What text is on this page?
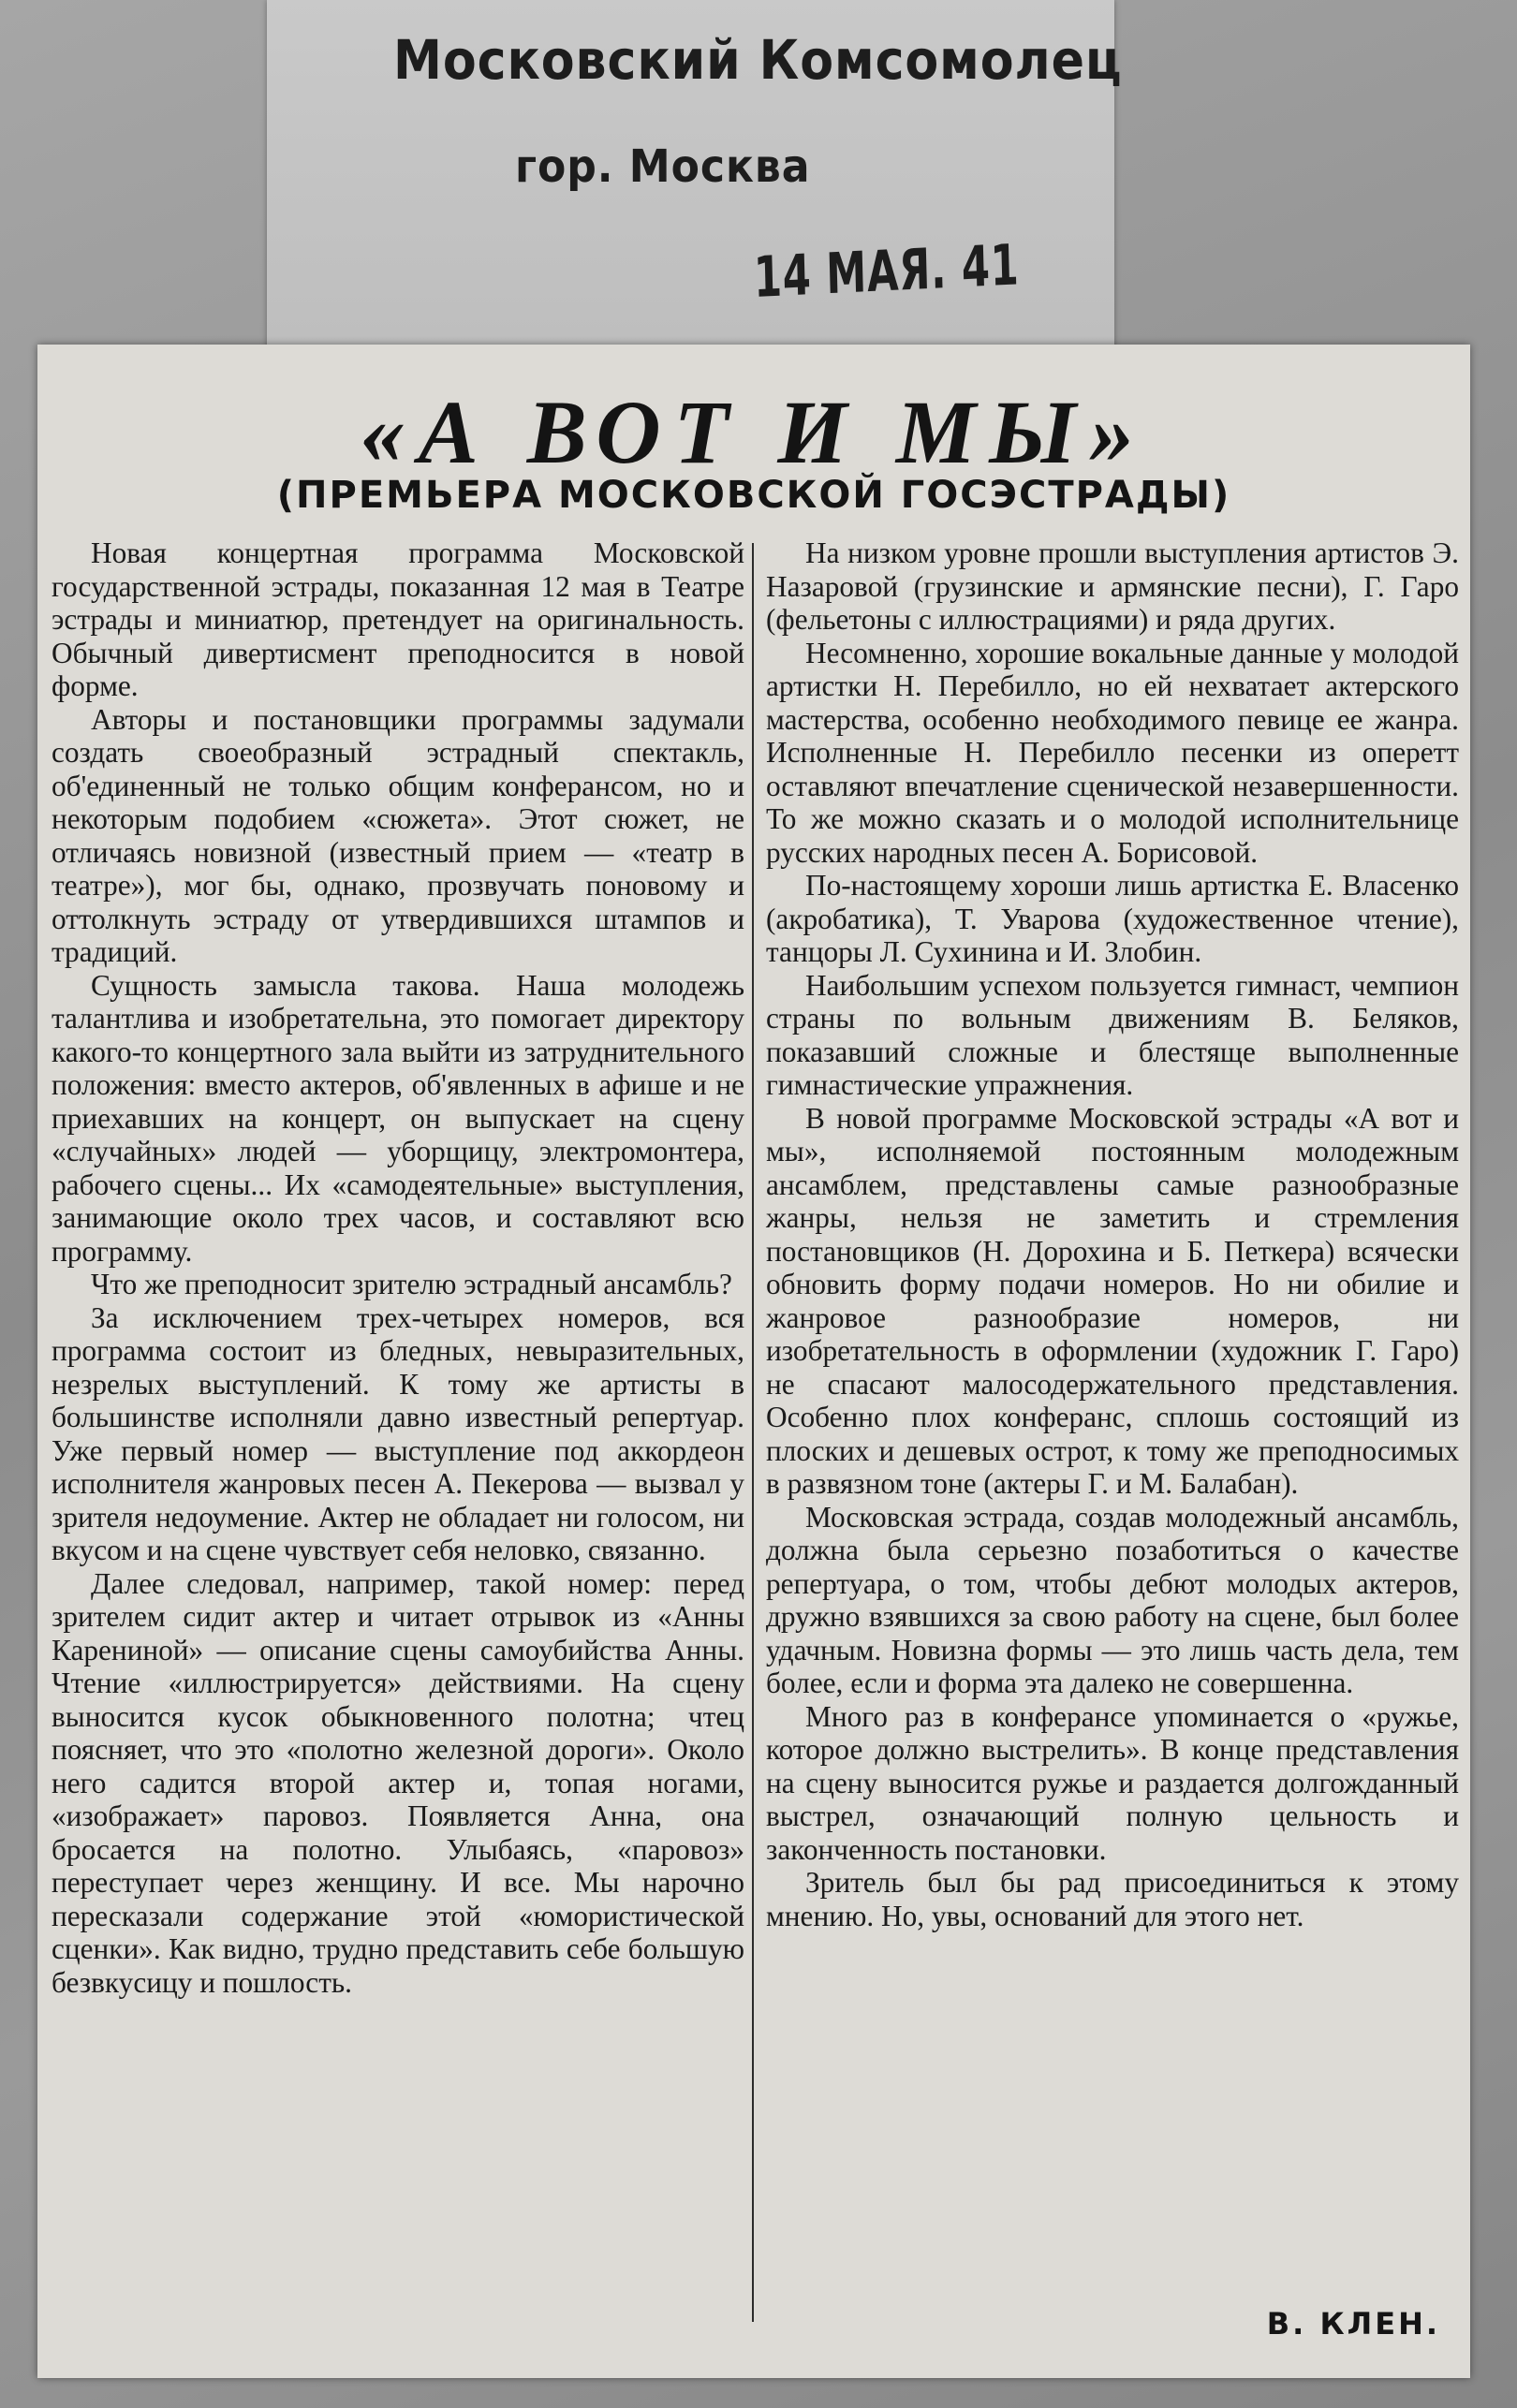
Московский Комсомолец
гор. Москва
14 МАЯ. 41
«А ВОТ И МЫ»
(ПРЕМЬЕРА МОСКОВСКОЙ ГОСЭСТРАДЫ)

Новая концертная программа Московской государственной эстрады, показанная 12 мая в Театре эстрады и миниатюр, претендует на оригинальность. Обычный дивертисмент преподносится в новой форме.

Авторы и постановщики программы задумали создать своеобразный эстрадный спектакль, об'единенный не только общим конферансом, но и некоторым подобием «сюжета». Этот сюжет, не отличаясь новизной (известный прием — «театр в театре»), мог бы, однако, прозвучать поновому и оттолкнуть эстраду от утвердившихся штампов и традиций.

Сущность замысла такова. Наша молодежь талантлива и изобретательна, это помогает директору какого-то концертного зала выйти из затруднительного положения: вместо актеров, об'явленных в афише и не приехавших на концерт, он выпускает на сцену «случайных» людей — уборщицу, электромонтера, рабочего сцены... Их «самодеятельные» выступления, занимающие около трех часов, и составляют всю программу.

Что же преподносит зрителю эстрадный ансамбль?

За исключением трех-четырех номеров, вся программа состоит из бледных, невыразительных, незрелых выступлений. К тому же артисты в большинстве исполняли давно известный репертуар. Уже первый номер — выступление под аккордеон исполнителя жанровых песен А. Пекерова — вызвал у зрителя недоумение. Актер не обладает ни голосом, ни вкусом и на сцене чувствует себя неловко, связанно.

Далее следовал, например, такой номер: перед зрителем сидит актер и читает отрывок из «Анны Карениной» — описание сцены самоубийства Анны. Чтение «иллюстрируется» действиями. На сцену выносится кусок обыкновенного полотна; чтец поясняет, что это «полотно железной дороги». Около него садится второй актер и, топая ногами, «изображает» паровоз. Появляется Анна, она бросается на полотно. Улыбаясь, «паровоз» переступает через женщину. И все. Мы нарочно пересказали содержание этой «юмористической сценки». Как видно, трудно представить себе большую безвкусицу и пошлость.

На низком уровне прошли выступления артистов Э. Назаровой (грузинские и армянские песни), Г. Гаро (фельетоны с иллюстрациями) и ряда других.

Несомненно, хорошие вокальные данные у молодой артистки Н. Перебилло, но ей нехватает актерского мастерства, особенно необходимого певице ее жанра. Исполненные Н. Перебилло песенки из оперетт оставляют впечатление сценической незавершенности. То же можно сказать и о молодой исполнительнице русских народных песен А. Борисовой.

По-настоящему хороши лишь артистка Е. Власенко (акробатика), Т. Уварова (художественное чтение), танцоры Л. Сухинина и И. Злобин.

Наибольшим успехом пользуется гимнаст, чемпион страны по вольным движениям В. Беляков, показавший сложные и блестяще выполненные гимнастические упражнения.

В новой программе Московской эстрады «А вот и мы», исполняемой постоянным молодежным ансамблем, представлены самые разнообразные жанры, нельзя не заметить и стремления постановщиков (Н. Дорохина и Б. Петкера) всячески обновить форму подачи номеров. Но ни обилие и жанровое разнообразие номеров, ни изобретательность в оформлении (художник Г. Гаро) не спасают малосодержательного представления. Особенно плох конферанс, сплошь состоящий из плоских и дешевых острот, к тому же преподносимых в развязном тоне (актеры Г. и М. Балабан).

Московская эстрада, создав молодежный ансамбль, должна была серьезно позаботиться о качестве репертуара, о том, чтобы дебют молодых актеров, дружно взявшихся за свою работу на сцене, был более удачным. Новизна формы — это лишь часть дела, тем более, если и форма эта далеко не совершенна.

Много раз в конферансе упоминается о «ружье, которое должно выстрелить». В конце представления на сцену выносится ружье и раздается долгожданный выстрел, означающий полную цельность и законченность постановки.

Зритель был бы рад присоединиться к этому мнению. Но, увы, оснований для этого нет.

В. КЛЕН.
